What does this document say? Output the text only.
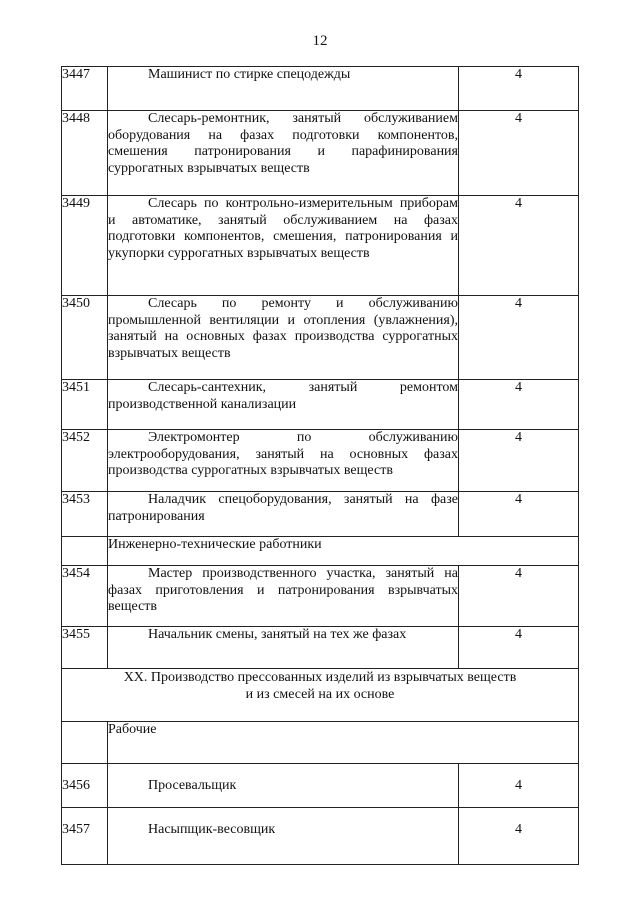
12
3447	Машинист по стирке спецодежды	4
3448	Слесарь-ремонтник, занятый обслуживанием оборудования на фазах подготовки компонентов, смешения патронирования и парафинирования суррогатных взрывчатых веществ	4
3449	Слесарь по контрольно-измерительным приборам и автоматике, занятый обслуживанием на фазах подготовки компонентов, смешения, патронирования и укупорки суррогатных взрывчатых веществ	4
3450	Слесарь по ремонту и обслуживанию промышленной вентиляции и отопления (увлажнения), занятый на основных фазах производства суррогатных взрывчатых веществ	4
3451	Слесарь-сантехник, занятый ремонтом производственной канализации	4
3452	Электромонтер по обслуживанию электрооборудования, занятый на основных фазах производства суррогатных взрывчатых веществ	4
3453	Наладчик спецоборудования, занятый на фазе патронирования	4
	Инженерно-технические работники	
3454	Мастер производственного участка, занятый на фазах приготовления и патронирования взрывчатых веществ	4
3455	Начальник смены, занятый на тех же фазах	4

XX. Производство прессованных изделий из взрывчатых веществ
и из смесей на их основе		

	Рабочие	
3456	Просевальщик	4
3457	Насыпщик-весовщик	4
